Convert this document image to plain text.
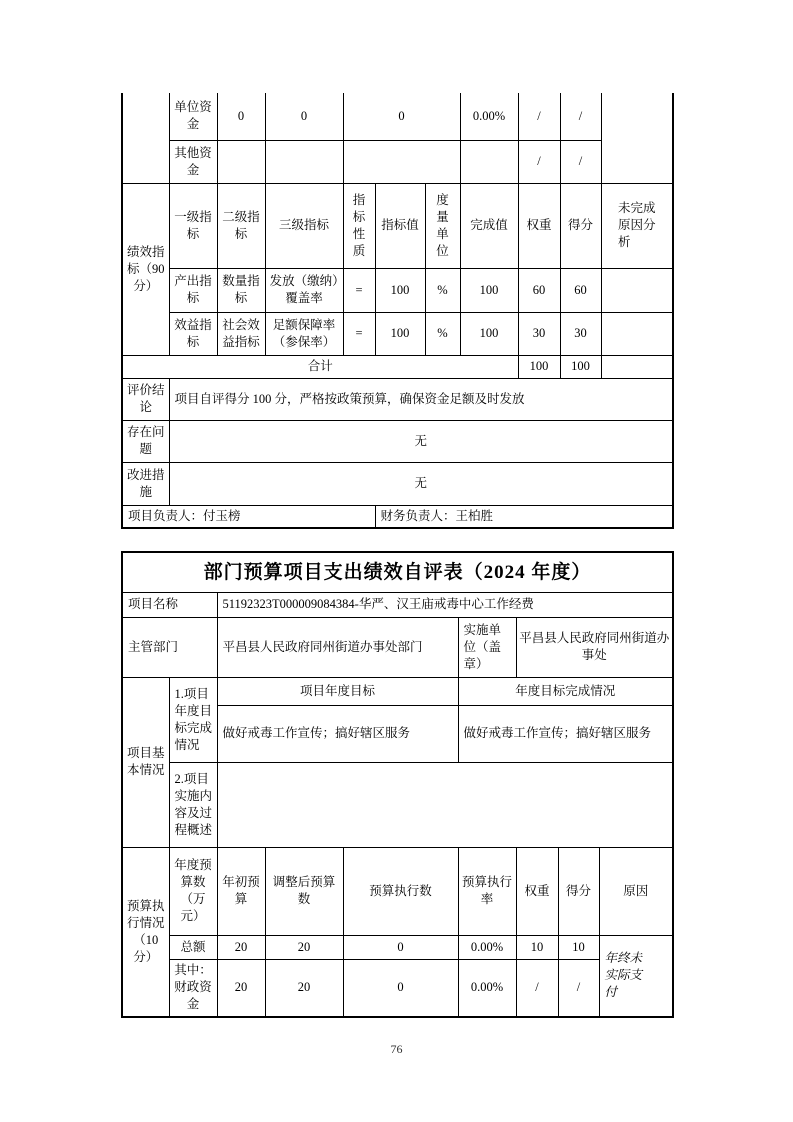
	单位资金	0	0	0			0.00%	/	/	
	其他资金							/	/	
绩效指标（90 分）	一级指标	二级指标	三级指标	指标性质	指标值	度量单位	完成值	权重	得分	未完成原因分析
	产出指标	数量指标	发放（缴纳）覆盖率	=	100	%	100	60	60	
	效益指标	社会效益指标	足额保障率（参保率）	=	100	%	100	30	30	
合计								100	100	
评价结论	项目自评得分 100 分，严格按政策预算，确保资金足额及时发放									
存在问题	无									
改进措施	无									
项目负责人：付玉榜					财务负责人：王柏胜					
部门预算项目支出绩效自评表（2024 年度）								
项目名称		51192323T000009084384-华严、汉王庙戒毒中心工作经费						
主管部门		平昌县人民政府同州街道办事处部门			实施单位（盖章）	平昌县人民政府同州街道办事处		
项目基本情况	1.项目年度目标完成情况	项目年度目标			年度目标完成情况			
		做好戒毒工作宣传；搞好辖区服务			做好戒毒工作宣传；搞好辖区服务			
	2.项目实施内容及过程概述							
预算执行情况（10 分）	年度预算数（万元）	年初预算	调整后预算数	预算执行数	预算执行率	权重	得分	原因
	总额	20	20	0	0.00%	10	10	年终未实际支付
	其中：财政资金	20	20	0	0.00%	/	/	
76
